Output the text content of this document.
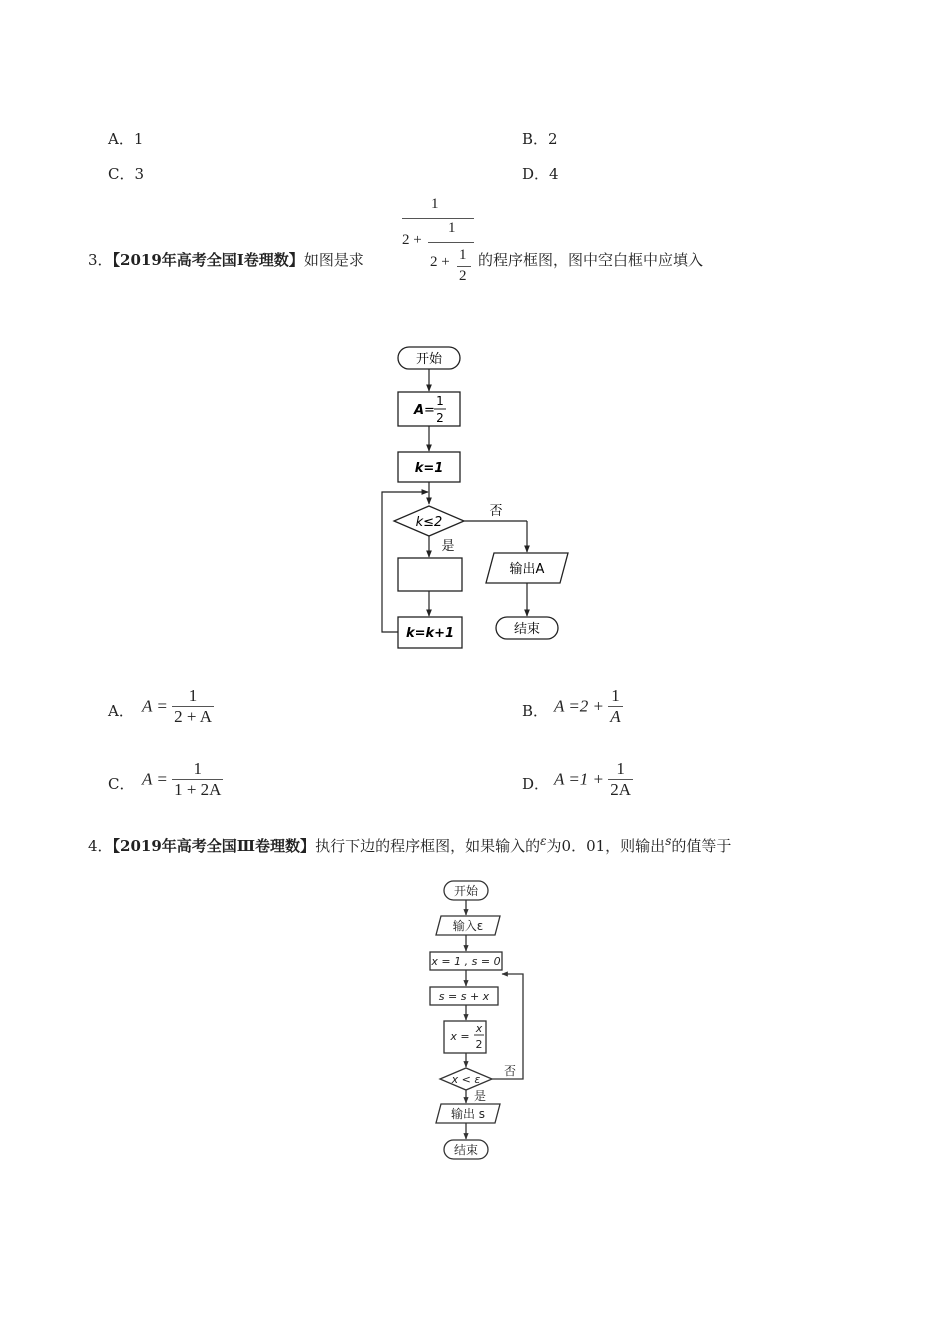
A．1	B．2
C．3	D．4
3．【2019年高考全国Ⅰ卷理数】如图是求
1
2 +
1
2 + 1
2
的程序框图，图中空白框中应填入
开始
A =
1
2
k=1
k≤2
否
输出A
结束
是
k=k+1
A． $A = \frac{1}{2 + A}$	B． $A =2 + \frac{1}{A}$
C． $A = \frac{1}{1 + 2A}$	D． $A =1 + \frac{1}{2A}$
4．【2019年高考全国Ⅲ卷理数】执行下边的程序框图，如果输入的$^\varepsilon$为0．01，则输出$^s$的值等于
开始
输入ε
x = 1 , s = 0
s = s + x
x =
x
2
x < ε
否
是
输出 s
结束
